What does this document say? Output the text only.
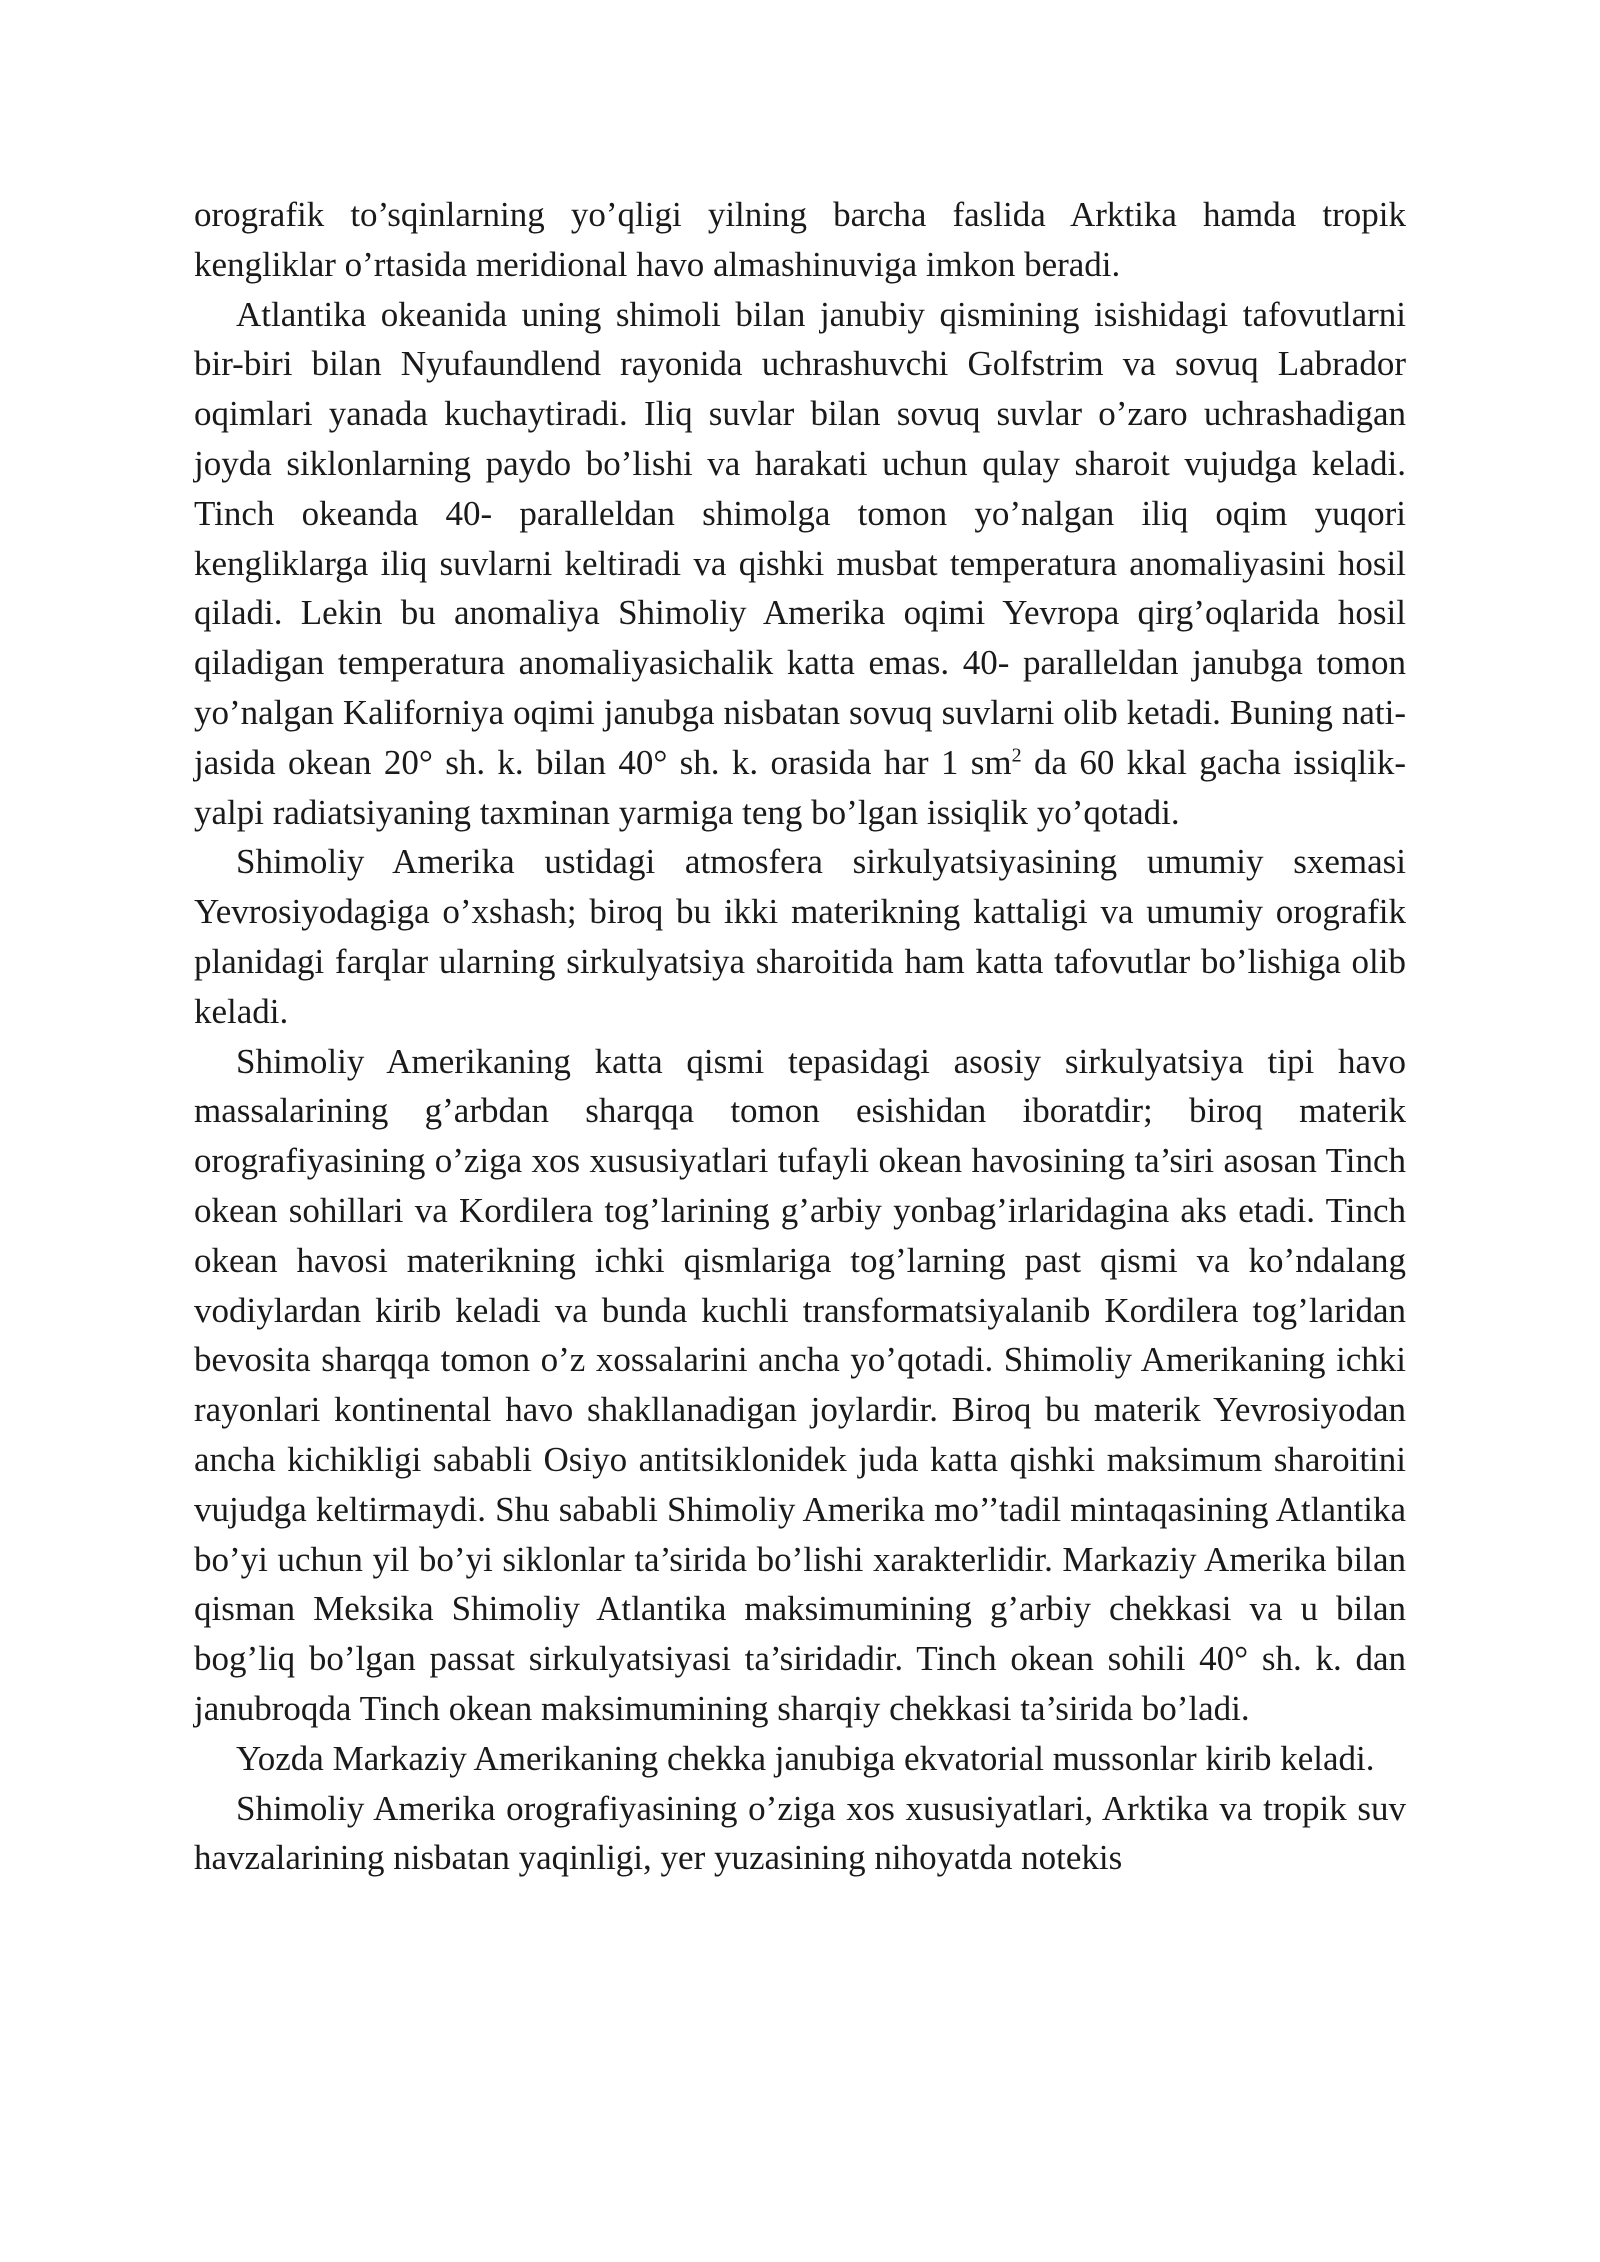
orografik to’sqinlarning yo’qligi yilning barcha faslida Arktika hamda tropik kengliklar o’rtasida meridional havo almashinuviga imkon beradi.

Atlantika okeanida uning shimoli bilan janubiy qismining isishidagi tafovutlarni bir-biri bilan Nyufaundlend rayonida uchrashuvchi Golfstrim va sovuq Labrador oqimlari yanada kuchaytiradi. Iliq suvlar bilan sovuq suvlar o’zaro uchrashadigan joyda siklonlarning paydo bo’lishi va harakati uchun qulay sharoit vujudga keladi. Tinch okeanda 40- paralleldan shimolga tomon yo’nalgan iliq oqim yuqori kengliklarga iliq suvlarni keltiradi va qishki musbat temperatura anomaliyasini hosil qiladi. Lekin bu anomaliya Shimoliy Amerika oqimi Yevropa qirg’oqlarida hosil qiladigan temperatura anomaliyasichalik katta emas. 40- paralleldan janubga tomon yo’nalgan Kaliforniya oqimi janubga nisbatan sovuq suvlarni olib ketadi. Buning nati-jasida okean 20° sh. k. bilan 40° sh. k. orasida har 1 $sm^2$ da 60 kkal gacha issiqlik-yalpi radiatsiyaning taxminan yarmiga teng bo’lgan issiqlik yo’qotadi.

Shimoliy Amerika ustidagi atmosfera sirkulyatsiyasining umumiy sxemasi Yevrosiyodagiga o’xshash; biroq bu ikki materikning kattaligi va umumiy orografik planidagi farqlar ularning sirkulyatsiya sharoitida ham katta tafovutlar bo’lishiga olib keladi.

Shimoliy Amerikaning katta qismi tepasidagi asosiy sirkulyatsiya tipi havo massalarining g’arbdan sharqqa tomon esishidan iboratdir; biroq materik orografiyasining o’ziga xos xususiyatlari tufayli okean havosining ta’siri asosan Tinch okean sohillari va Kordilera tog’larining g’arbiy yonbag’irlaridagina aks etadi. Tinch okean havosi materikning ichki qismlariga tog’larning past qismi va ko’ndalang vodiylardan kirib keladi va bunda kuchli transformatsiyalanib Kordilera tog’laridan bevosita sharqqa tomon o’z xossalarini ancha yo’qotadi. Shimoliy Amerikaning ichki rayonlari kontinental havo shakllanadigan joylardir. Biroq bu materik Yevrosiyodan ancha kichikligi sababli Osiyo antitsiklonidek juda katta qishki maksimum sharoitini vujudga keltirmaydi. Shu sababli Shimoliy Amerika mo’’tadil mintaqasining Atlantika bo’yi uchun yil bo’yi siklonlar ta’sirida bo’lishi xarakterlidir. Markaziy Amerika bilan qisman Meksika Shimoliy Atlantika maksimumining g’arbiy chekkasi va u bilan bog’liq bo’lgan passat sirkulyatsiyasi ta’siridadir. Tinch okean sohili 40° sh. k. dan janubroqda Tinch okean maksimumining sharqiy chekkasi ta’sirida bo’ladi.

Yozda Markaziy Amerikaning chekka janubiga ekvatorial mussonlar kirib keladi.

Shimoliy Amerika orografiyasining o’ziga xos xususiyatlari, Arktika va tropik suv havzalarining nisbatan yaqinligi, yer yuzasining nihoyatda notekis
